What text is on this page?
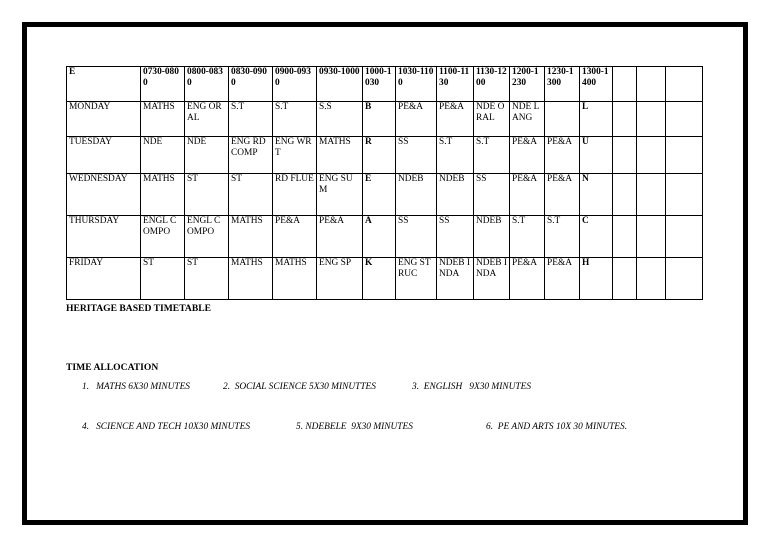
E	0730-0800	0800-0830	0830-0900	0900-0930	0930-1000	1000-1030	1030-1100	1100-1130	1130-1200	1200-1230	1230-1300	1300-1400			
MONDAY	MATHS	ENG ORAL	S.T	S.T	S.S	B	PE&A	PE&A	NDE ORAL	NDE LANG		L			
TUESDAY	NDE	NDE	ENG RD COMP	ENG WRT	MATHS	R	SS	S.T	S.T	PE&A	PE&A	U			
WEDNESDAY	MATHS	ST	ST	RD FLUE	ENG SUM	E	NDEB	NDEB	SS	PE&A	PE&A	N			
THURSDAY	ENGL COMPO	ENGL COMPO	MATHS	PE&A	PE&A	A	SS	SS	NDEB	S.T	S.T	C			
FRIDAY	ST	ST	MATHS	MATHS	ENG SP	K	ENG STRUC	NDEB INDA	NDEB INDA	PE&A	PE&A	H			
HERITAGE BASED TIMETABLE
TIME ALLOCATION
1.   MATHS 6X30 MINUTES	2.  SOCIAL SCIENCE 5X30 MINUTTES	3.  ENGLISH   9X30 MINUTES
4.   SCIENCE AND TECH 10X30 MINUTES	5. NDEBELE  9X30 MINUTES	6.  PE AND ARTS 10X 30 MINUTES.
